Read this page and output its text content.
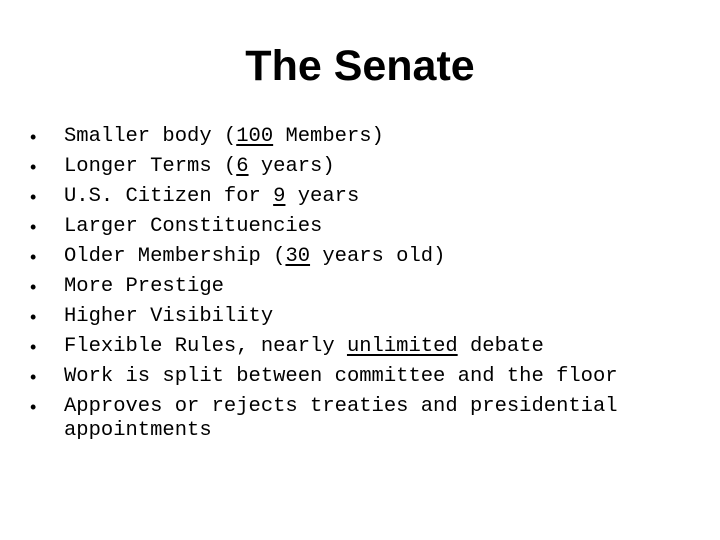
The Senate
•	Smaller body (100 Members)
•	Longer Terms (6 years)
•	U.S. Citizen for 9 years
•	Larger Constituencies
•	Older Membership (30 years old)
•	More Prestige
•	Higher Visibility
•	Flexible Rules, nearly unlimited debate
•	Work is split between committee and the floor
•	Approves or rejects treaties and presidential appointments
